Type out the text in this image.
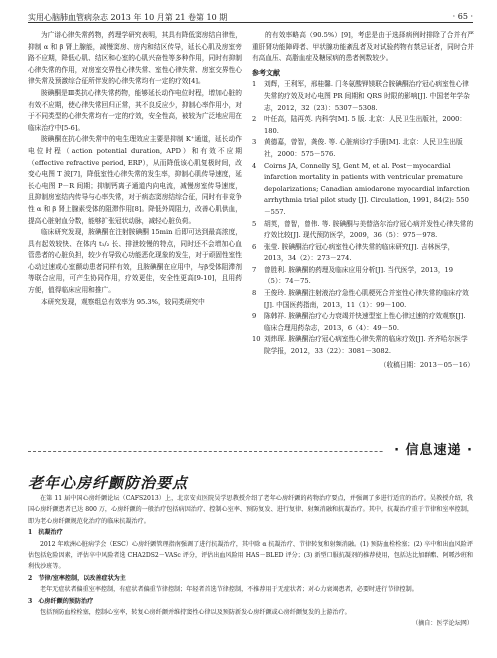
实用心脑肺血管病杂志 2013 年 10 月第 21 卷第 10 期	· 65 ·

为广谱心律失常药物，药理学研究表明，其具有降低窦房结自律性，抑制 α 和 β 肾上腺能，减慢窦房、房内和结区传导，延长心肌及房室旁路不应期，降低心肌、结区和心室的心肌兴奋性等多种作用，同时有抑制心律失常的作用，对房室交界性心律失常、室性心律失常、房室交界性心律失常及预激综合征所伴发的心律失常均有一定的疗效[4]。

胺碘酮是Ⅲ类抗心律失常药物，能够延长动作电位时程，增加心脏的有效不应期，使心律失常回归正常，其不良反应少，抑制心率作用小，对于不同类型的心律失常均有一定的疗效，安全性高，被较为广泛地应用在临床治疗中[5-6]。

胺碘酮在抗心律失常中的电生理效应主要是抑制 K⁺通道，延长动作电位时程（action potential duration, APD）和有效不应期（effective refractive period, ERP），从而降低该心肌复极时间，改变心电图 T 波[7]，降低室性心律失常的发生率，抑制心肌传导速度，延长心电图 P－R 间期；抑制钙离子通道内向电流，减慢房室传导速度，且抑制房室结内传导与心率失常，对于病态窦房结综合征，同时有非竞争性 α 和 β 肾上腺素受体的阻滞作用[8]。降低外周阻力，改善心肌供血，提高心脏射血分数，能够扩张冠状动脉，减轻心脏负荷。

临床研究发现，胺碘酮在注射胺碘酮 15min 后即可达到最高浓度，具有起效较快、在体内 t₁/₂ 长、排泄较慢的特点，同时还不会增加心血管患者的心脏负担，较少有导致心功能恶化现象的发生，对于顽固性室性心动过速或心室颤动患者同样有效，且胺碘酮在应用中，与β受体阻滞剂等联合应用，可产生协同作用，疗效更佳，安全性更高[9-10]，且用药方便，值得临床应用和推广。

本研究发现，观察组总有效率为 95.3%，较同类研究中

的有效率略高（90.5%）[9]，考虑是由于选择病例时排除了合并有严重肝肾功能障碍者、甲状腺功能紊乱者及对试验药物有禁忌证者，同时合并有高血压、高脂血症及糖尿病的患者例数较少。

参考文献
1	刘辉，王利军，邢桂馨. 门冬氨酸钾镁联合胺碘酮治疗冠心病室性心律失常的疗效及对心电图 PR 间期和 QRS 时限的影响[J]. 中国老年学杂志，2012，32（23）：5307－5308.
2	叶任高，陆再英. 内科学[M]. 5 版. 北京：人民卫生出版社，2000：180.
3	黄德嘉，曾智，龚俊. 等. 心脏病诊疗手册[M]. 北京：人民卫生出版社，2000：575－576.
4	Coirns JA, Connelly SJ, Gent M, et al. Post－myocardial infarction mortality in patients with ventricular premature depolarizations; Canadian amiodarone myocardial infarction arrhythmia trial pilot study [J]. Circulation, 1991, 84(2): 550－557.
5	胡英，曾智，曾伟. 等. 胺碘酮与美替洛尔治疗冠心病并发性心律失常的疗效比较[J]. 现代预防医学，2009，36（5）：975－978.
6	张莹. 胺碘酮治疗冠心病室性心律失常的临床研究[J]. 吉林医学，2013，34（2）：273－274.
7	曾胜利. 胺碘酮的药理及临床应用分析[J]. 当代医学，2013，19（5）：74－75.
8	王俊玲. 胺碘酮注射液治疗急性心肌梗死合并室性心律失常的临床疗效[J]. 中国医药指南，2013，11（1）：99－100.
9	陈韩祥. 胺碘酮治疗心力衰竭并快速型室上性心律过速的疗效观察[J]. 临床合理用药杂志，2013，6（4）：49－50.
10 刘炜琛. 胺碘酮治疗冠心病室性心律失常的临床疗效[J]. 齐齐哈尔医学院学报，2012，33（22）：3081－3082.
（收稿日期：2013－05－16）
· 信息速递 ·
老年心房纤颤防治要点

在第 11 届中国心房纤颤论坛（CAFS2013）上，北京安贞医院吴学思教授介绍了老年心房纤颤的药物治疗要点，并强调了多进行适宜的治疗。吴教授介绍，我国心房纤颤患者已达 800 万，心房纤颤的一般治疗包括病因治疗、控制心室率、预防复发、进行复律、射频消融和抗凝治疗。其中，抗凝治疗重于节律和室率控制，即为老心房纤颤规范化治疗的临床抗凝治疗。

1　抗凝治疗

2012 年欧洲心脏病学会（ESC）心房纤颤管理指南强调了进行抗凝治疗，其中除 α 抗凝治疗、节律转复和射频消融。(1) 预防血栓栓塞；(2) 卒中和出血风险评估包括危险因素，评估卒中风险者选 CHA2DS2－VASc 评分，评估出血风险用 HAS－BLED 评分；(3) 新型口服抗凝剂的推荐使用，包括达比加群酯、阿哌沙班和利伐沙班等。

2　节律/室率控制，以改善症状为主

老年无症状者偏重室率控制，有症状者偏重节律控制；年轻者首选节律控制，不推荐用于无症状者；对心力衰竭患者，必要时进行节律控制。

3　心房纤颤的预防治疗

包括预防血栓栓塞，控制心室率，转复心房纤颤并维持窦性心律以及预防新发心房纤颤或心房纤颤复发的上游治疗。

（摘自：医学论坛网）
